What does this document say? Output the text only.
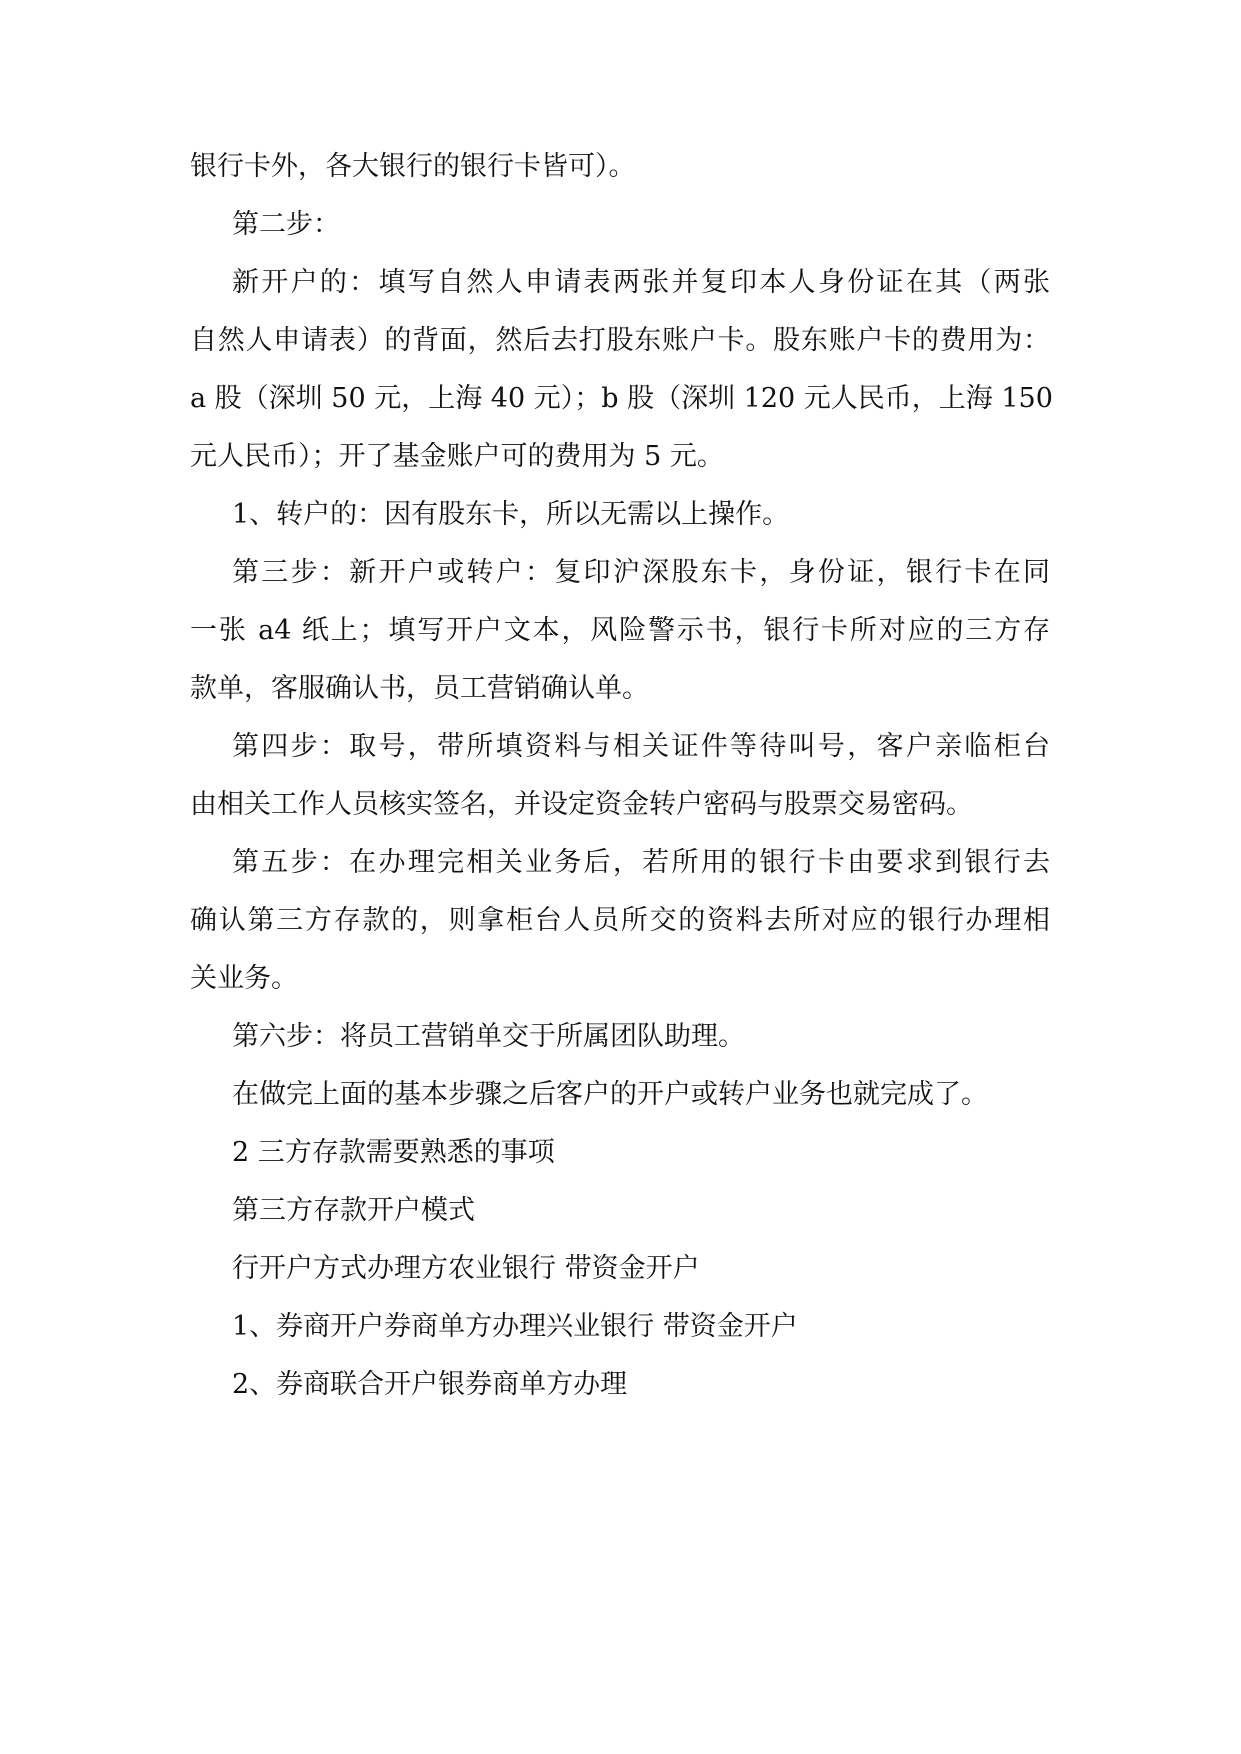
银行卡外，各大银行的银行卡皆可）。
第二步：
新开户的：填写自然人申请表两张并复印本人身份证在其（两张
自然人申请表）的背面，然后去打股东账户卡。股东账户卡的费用为：
a 股（深圳 50 元，上海 40 元）；b 股（深圳 120 元人民币，上海 150
元人民币）；开了基金账户可的费用为 5 元。
1、转户的：因有股东卡，所以无需以上操作。
第三步：新开户或转户：复印沪深股东卡，身份证，银行卡在同
一张 a4 纸上；填写开户文本，风险警示书，银行卡所对应的三方存
款单，客服确认书，员工营销确认单。
第四步：取号，带所填资料与相关证件等待叫号，客户亲临柜台
由相关工作人员核实签名，并设定资金转户密码与股票交易密码。
第五步：在办理完相关业务后，若所用的银行卡由要求到银行去
确认第三方存款的，则拿柜台人员所交的资料去所对应的银行办理相
关业务。
第六步：将员工营销单交于所属团队助理。
在做完上面的基本步骤之后客户的开户或转户业务也就完成了。
2 三方存款需要熟悉的事项
第三方存款开户模式
行开户方式办理方农业银行 带资金开户
1、券商开户券商单方办理兴业银行 带资金开户
2、券商联合开户银券商单方办理
